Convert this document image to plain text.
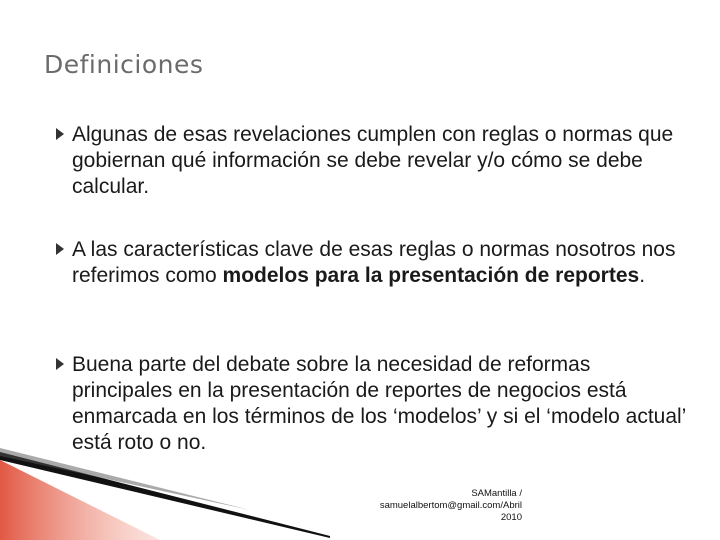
Definiciones
Algunas de esas revelaciones cumplen con reglas o normas que gobiernan qué información se debe revelar y/o cómo se debe calcular.
A las características clave de esas reglas o normas nosotros nos referimos como modelos para la presentación de reportes.
Buena parte del debate sobre la necesidad de reformas principales en la presentación de reportes de negocios está enmarcada en los términos de los ‘modelos’ y si el ‘modelo actual’ está roto o no.
SAMantilla /
samuelalbertom@gmail.com/Abril
2010
